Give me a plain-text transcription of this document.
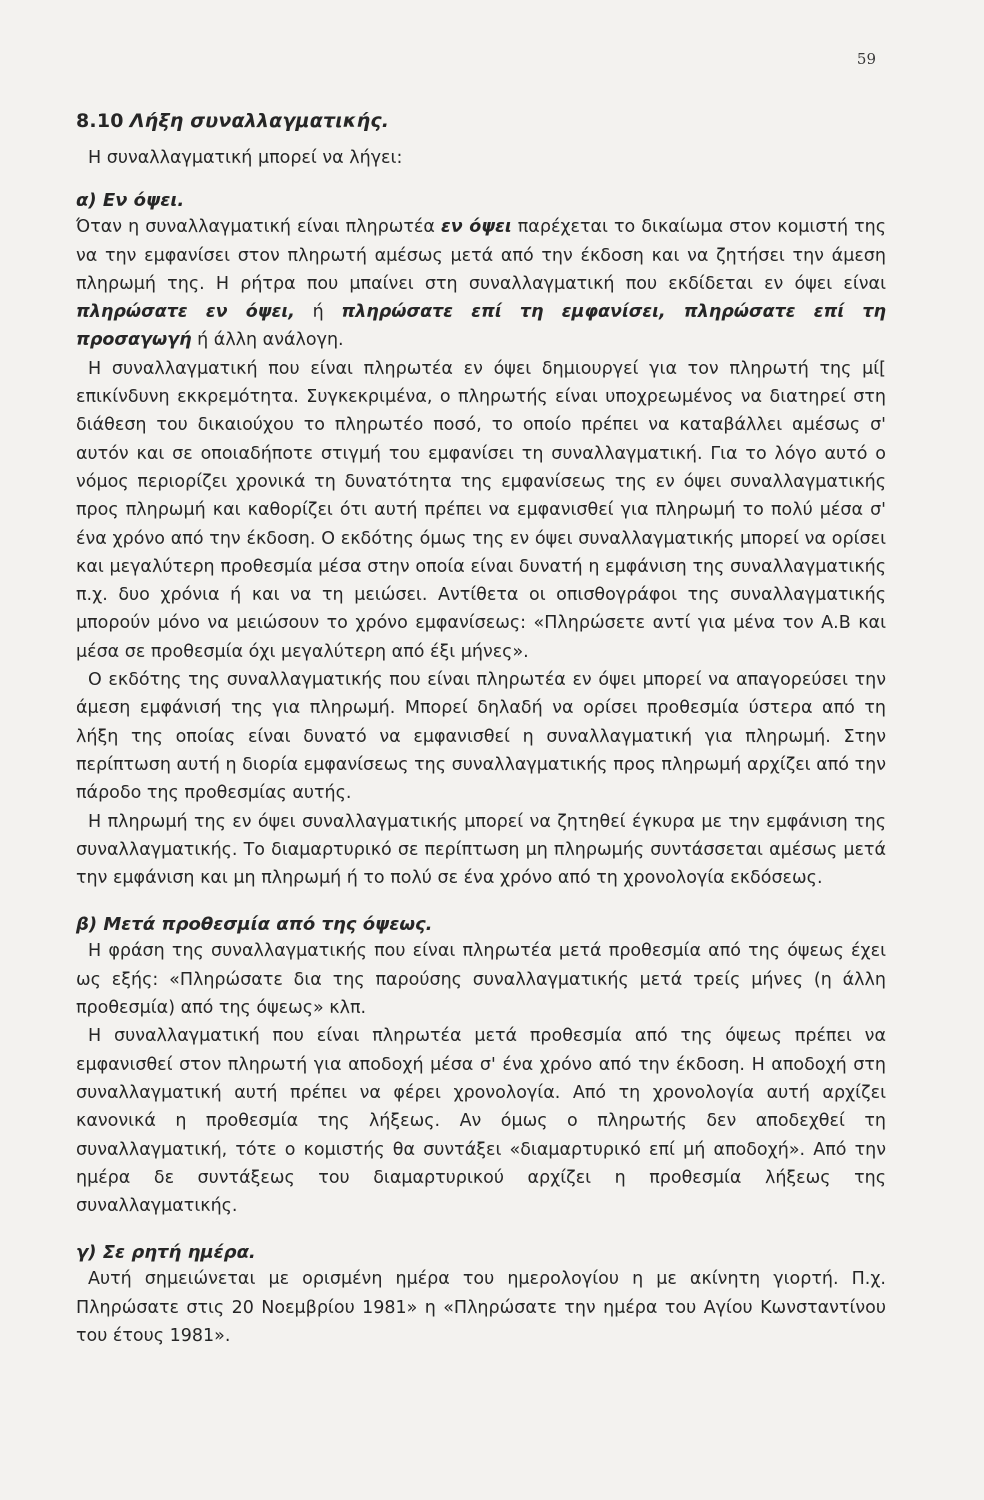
59
8.10 Λήξη συναλλαγματικής.

Η συναλλαγματική μπορεί να λήγει:

α) Εν όψει.

Όταν η συναλλαγματική είναι πληρωτέα εν όψει παρέχεται το δικαίωμα στον κομιστή της να την εμφανίσει στον πληρωτή αμέσως μετά από την έκδοση και να ζητήσει την άμεση πληρωμή της. Η ρήτρα που μπαίνει στη συναλλαγματική που εκδίδεται εν όψει είναι πληρώσατε εν όψει, ή πληρώσατε επί τη εμφανίσει, πληρώσατε επί τη προσαγωγή ή άλλη ανάλογη.

Η συναλλαγματική που είναι πληρωτέα εν όψει δημιουργεί για τον πληρωτή της μί[ επικίνδυνη εκκρεμότητα. Συγκεκριμένα, ο πληρωτής είναι υποχρεωμένος να διατηρεί στη διάθεση του δικαιούχου το πληρωτέο ποσό, το οποίο πρέπει να καταβάλλει αμέσως σ' αυτόν και σε οποιαδήποτε στιγμή του εμφανίσει τη συναλλαγματική. Για το λόγο αυτό ο νόμος περιορίζει χρονικά τη δυνατότητα της εμφανίσεως της εν όψει συναλλαγματικής προς πληρωμή και καθορίζει ότι αυτή πρέπει να εμφανισθεί για πληρωμή το πολύ μέσα σ' ένα χρόνο από την έκδοση. Ο εκδότης όμως της εν όψει συναλλαγματικής μπορεί να ορίσει και μεγαλύτερη προθεσμία μέσα στην οποία είναι δυνατή η εμφάνιση της συναλλαγματικής π.χ. δυο χρόνια ή και να τη μειώσει. Αντίθετα οι οπισθογράφοι της συναλλαγματικής μπορούν μόνο να μειώσουν το χρόνο εμφανίσεως: «Πληρώσετε αντί για μένα τον Α.Β και μέσα σε προθεσμία όχι μεγαλύτερη από έξι μήνες».

Ο εκδότης της συναλλαγματικής που είναι πληρωτέα εν όψει μπορεί να απαγορεύσει την άμεση εμφάνισή της για πληρωμή. Μπορεί δηλαδή να ορίσει προθεσμία ύστερα από τη λήξη της οποίας είναι δυνατό να εμφανισθεί η συναλλαγματική για πληρωμή. Στην περίπτωση αυτή η διορία εμφανίσεως της συναλλαγματικής προς πληρωμή αρχίζει από την πάροδο της προθεσμίας αυτής.

Η πληρωμή της εν όψει συναλλαγματικής μπορεί να ζητηθεί έγκυρα με την εμφάνιση της συναλλαγματικής. Το διαμαρτυρικό σε περίπτωση μη πληρωμής συντάσσεται αμέσως μετά την εμφάνιση και μη πληρωμή ή το πολύ σε ένα χρόνο από τη χρονολογία εκδόσεως.

β) Μετά προθεσμία από της όψεως.

Η φράση της συναλλαγματικής που είναι πληρωτέα μετά προθεσμία από της όψεως έχει ως εξής: «Πληρώσατε δια της παρούσης συναλλαγματικής μετά τρείς μήνες (η άλλη προθεσμία) από της όψεως» κλπ.

Η συναλλαγματική που είναι πληρωτέα μετά προθεσμία από της όψεως πρέπει να εμφανισθεί στον πληρωτή για αποδοχή μέσα σ' ένα χρόνο από την έκδοση. Η αποδοχή στη συναλλαγματική αυτή πρέπει να φέρει χρονολογία. Από τη χρονολογία αυτή αρχίζει κανονικά η προθεσμία της λήξεως. Αν όμως ο πληρωτής δεν αποδεχθεί τη συναλλαγματική, τότε ο κομιστής θα συντάξει «διαμαρτυρικό επί μή αποδοχή». Από την ημέρα δε συντάξεως του διαμαρτυρικού αρχίζει η προθεσμία λήξεως της συναλλαγματικής.

γ) Σε ρητή ημέρα.

Αυτή σημειώνεται με ορισμένη ημέρα του ημερολογίου η με ακίνητη γιορτή. Π.χ. Πληρώσατε στις 20 Νοεμβρίου 1981» η «Πληρώσατε την ημέρα του Αγίου Κωνσταντίνου του έτους 1981».
